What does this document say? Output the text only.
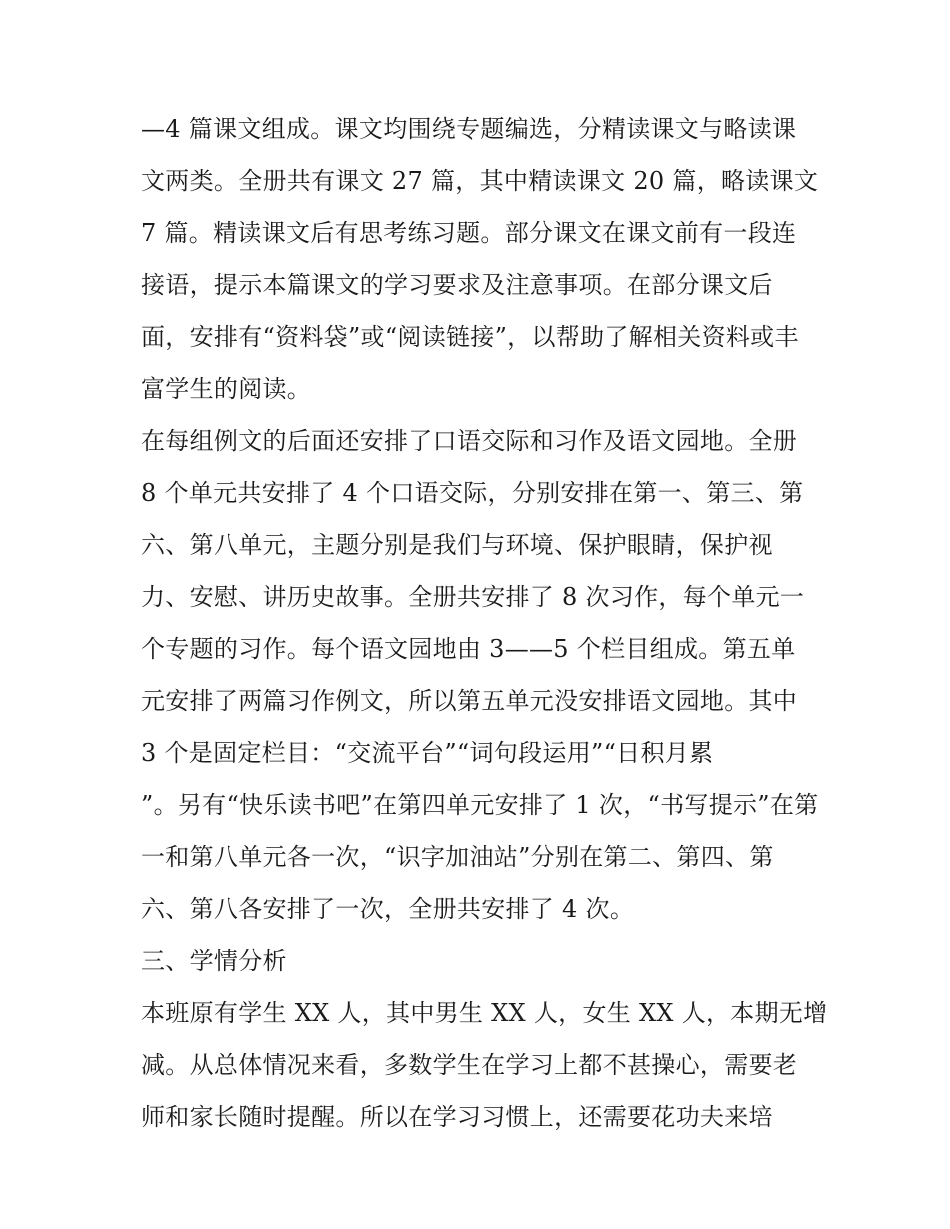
—4 篇课文组成。课文均围绕专题编选，分精读课文与略读课
文两类。全册共有课文 27 篇，其中精读课文 20 篇，略读课文
7 篇。精读课文后有思考练习题。部分课文在课文前有一段连
接语，提示本篇课文的学习要求及注意事项。在部分课文后
面，安排有“资料袋”或“阅读链接”，以帮助了解相关资料或丰
富学生的阅读。
在每组例文的后面还安排了口语交际和习作及语文园地。全册
8 个单元共安排了 4 个口语交际，分别安排在第一、第三、第
六、第八单元，主题分别是我们与环境、保护眼睛，保护视
力、安慰、讲历史故事。全册共安排了 8 次习作，每个单元一
个专题的习作。每个语文园地由 3——5 个栏目组成。第五单
元安排了两篇习作例文，所以第五单元没安排语文园地。其中
3 个是固定栏目：“交流平台”“词句段运用”“日积月累
”。另有“快乐读书吧”在第四单元安排了 1 次，“书写提示”在第
一和第八单元各一次，“识字加油站”分别在第二、第四、第
六、第八各安排了一次，全册共安排了 4 次。
三、学情分析
本班原有学生 XX 人，其中男生 XX 人，女生 XX 人，本期无增
减。从总体情况来看，多数学生在学习上都不甚操心，需要老
师和家长随时提醒。所以在学习习惯上，还需要花功夫来培
